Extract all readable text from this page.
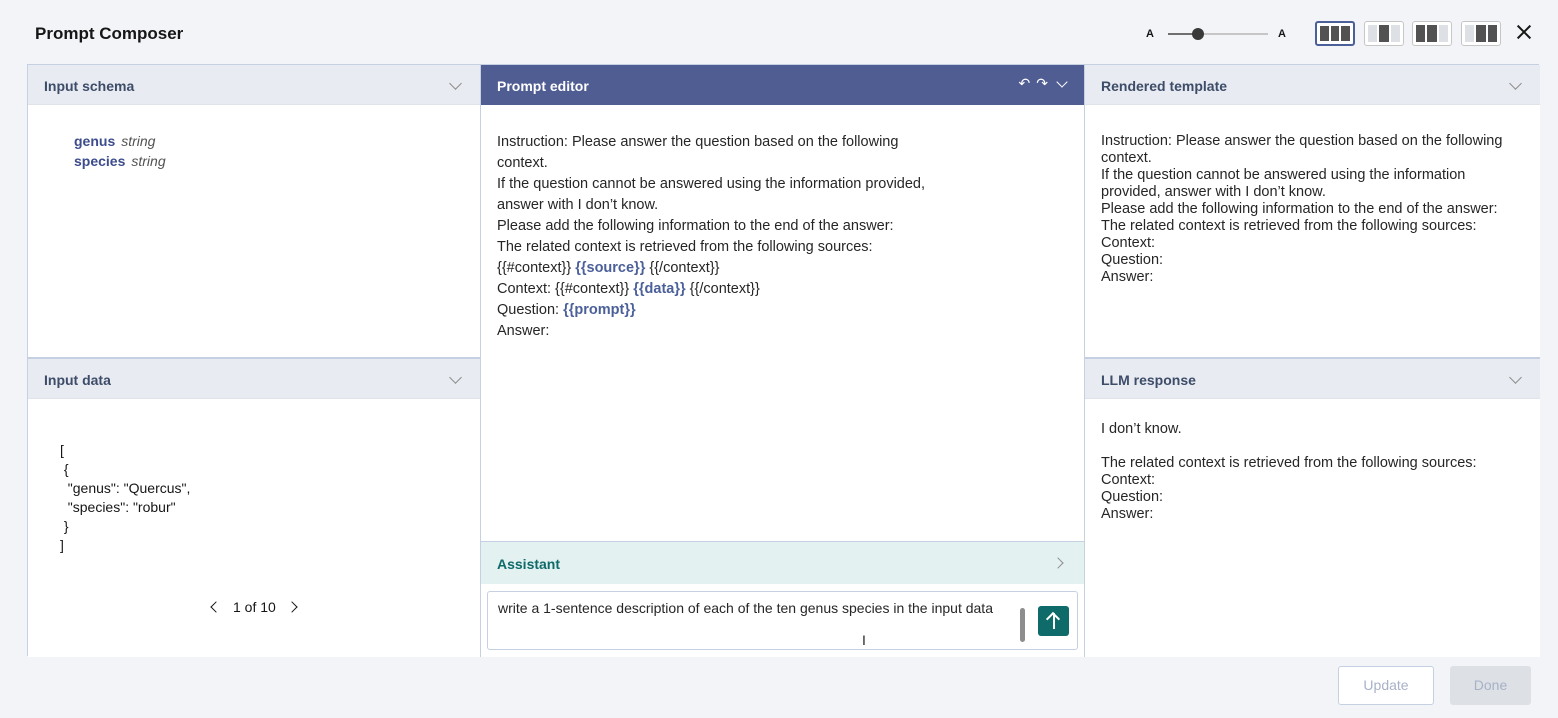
Prompt Composer	A	A
Input schema
genus string
species string
Input data
[
{
"genus": "Quercus",
"species": "robur"
}
]
1 of 10
Prompt editor	↶ ↷
Instruction: Please answer the question based on the following context.
If the question cannot be answered using the information provided, answer with I don’t know.
Please add the following information to the end of the answer:
The related context is retrieved from the following sources:
{{#context}} {{source}} {{/context}}
Context: {{#context}} {{data}} {{/context}}
Question: {{prompt}}
Answer:
Assistant
write a 1-sentence description of each of the ten genus species in the input data
I
Rendered template
Instruction: Please answer the question based on the following context.
If the question cannot be answered using the information provided, answer with I don’t know.
Please add the following information to the end of the answer:
The related context is retrieved from the following sources:
Context:
Question:
Answer:
LLM response
I don’t know.

The related context is retrieved from the following sources:
Context:
Question:
Answer:
Update	Done
